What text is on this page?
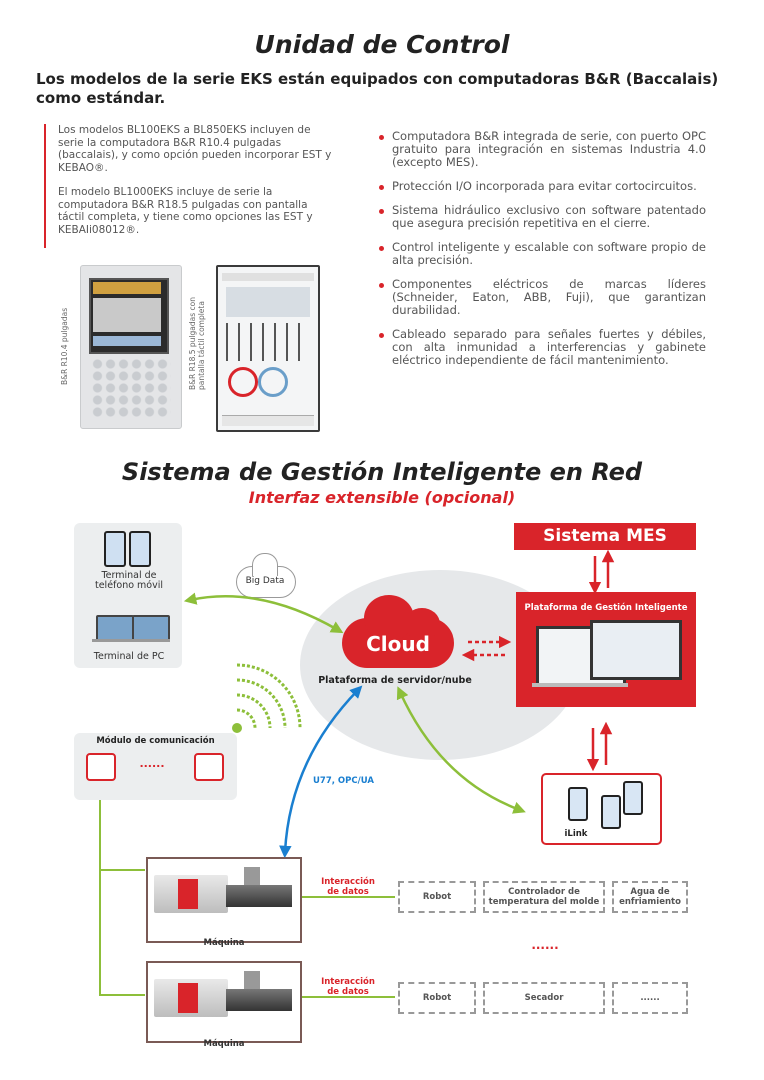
Unidad de Control
Los modelos de la serie EKS están equipados con computadoras B&R (Baccalais) como estándar.

Los modelos BL100EKS a BL850EKS incluyen de serie la computadora B&R R10.4 pulgadas (baccalais), y como opción pueden incorporar EST y KEBAO®.

El modelo BL1000EKS incluye de serie la computadora B&R R18.5 pulgadas con pantalla táctil completa, y tiene como opciones las EST y KEBAIi08012®.

B&R R10.4 pulgadas	B&R R18.5 pulgadas con pantalla táctil completa
Computadora B&R integrada de serie, con puerto OPC gratuito para integración en sistemas Industria 4.0 (excepto MES).
Protección I/O incorporada para evitar cortocircuitos.
Sistema hidráulico exclusivo con software patentado que asegura precisión repetitiva en el cierre.
Control inteligente y escalable con software propio de alta precisión.
Componentes eléctricos de marcas líderes (Schneider, Eaton, ABB, Fuji), que garantizan durabilidad.
Cableado separado para señales fuertes y débiles, con alta inmunidad a interferencias y gabinete eléctrico independiente de fácil mantenimiento.
Sistema de Gestión Inteligente en Red
Interfaz extensible (opcional)
Terminal de teléfono móvil
Terminal de PC
Big Data
Cloud
Plataforma de servidor/nube
Sistema MES
Plataforma de Gestión Inteligente
iLink
Módulo de comunicación
......
U77, OPC/UA
Máquina
Interacción de datos	Robot	Controlador de temperatura del molde
Agua de enfriamiento
......
Máquina
Interacción de datos
Robot	Secador	......
